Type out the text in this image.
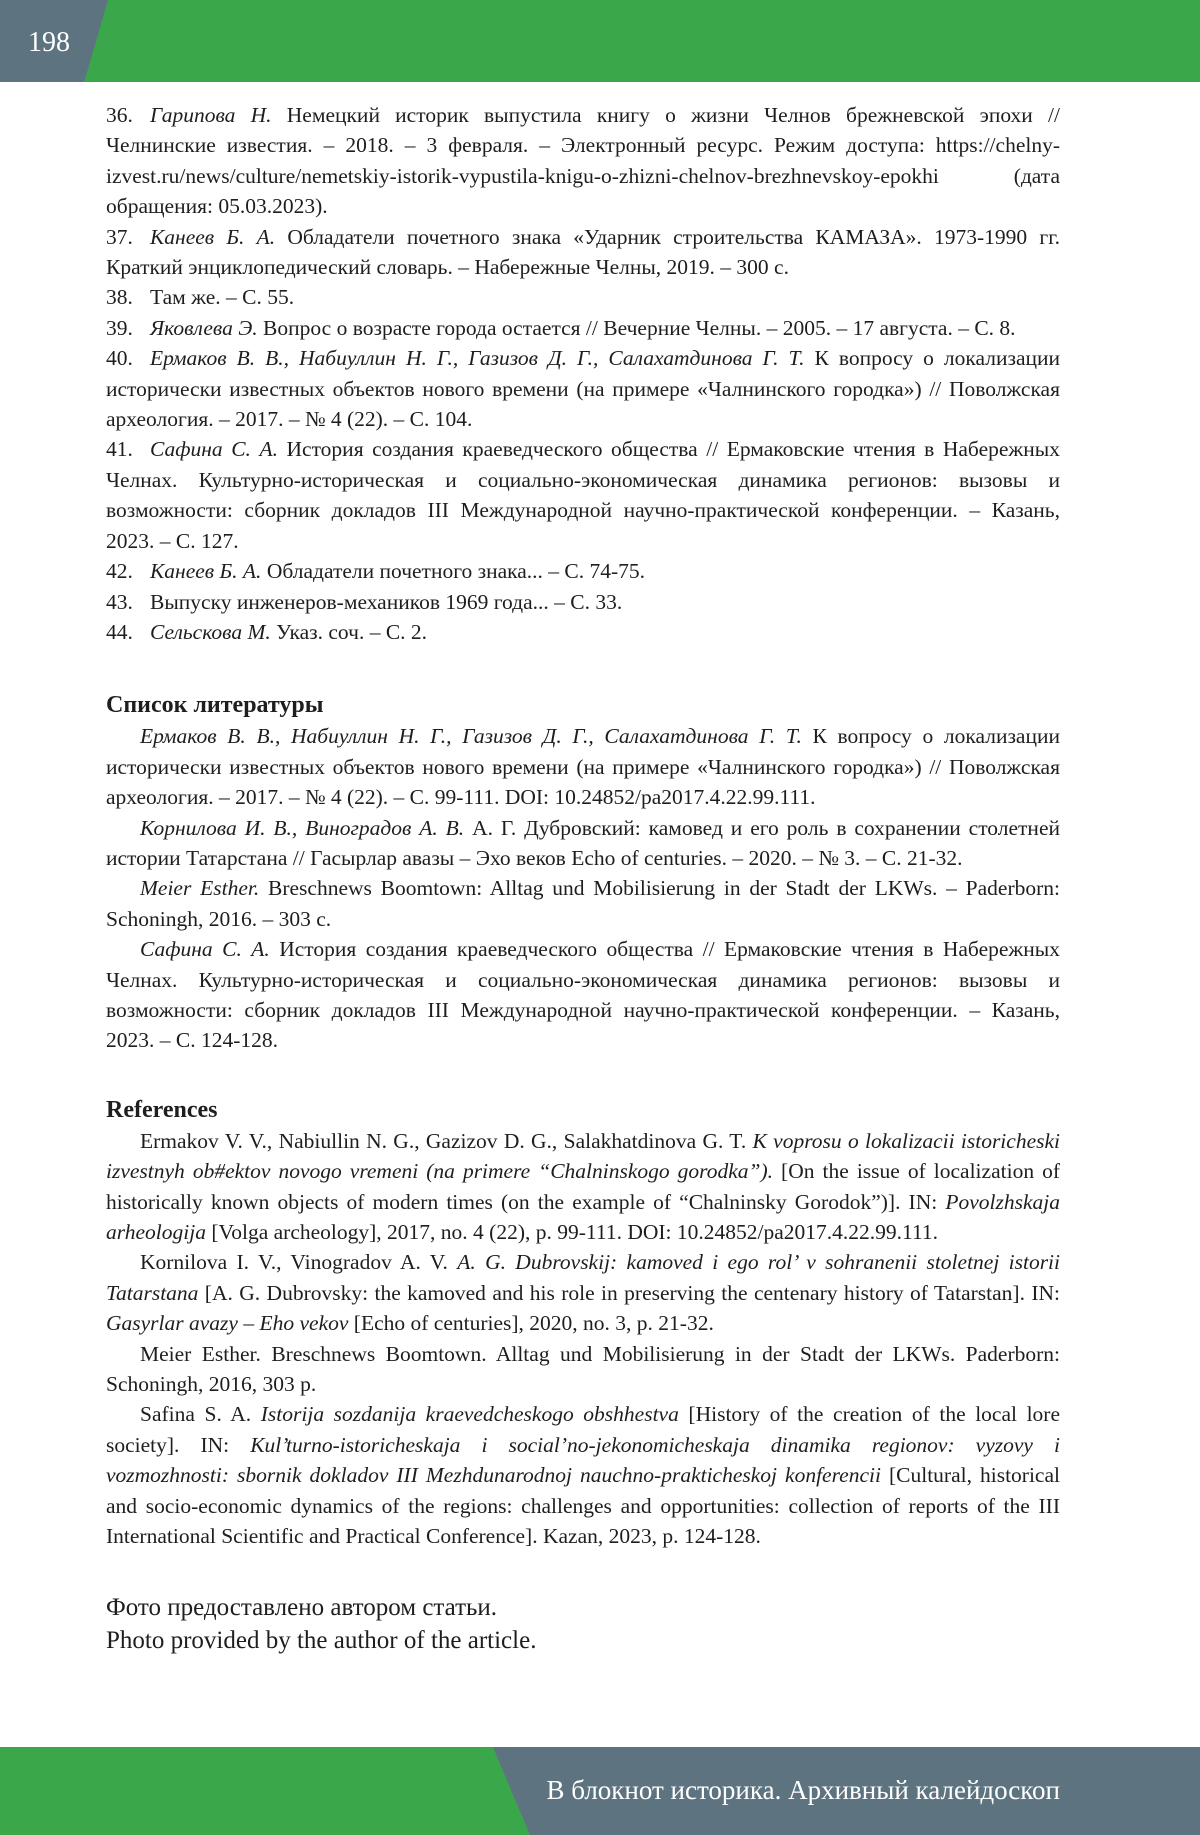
198

36. Гарипова Н. Немецкий историк выпустила книгу о жизни Челнов брежневской эпохи // Челнинские известия. – 2018. – 3 февраля. – Электронный ресурс. Режим доступа: https://chelny-izvest.ru/news/culture/nemetskiy-istorik-vypustila-knigu-o-zhizni-chelnov-brezhnevskoy-epokhi (дата обращения: 05.03.2023).

37. Канеев Б. А. Обладатели почетного знака «Ударник строительства КАМАЗА». 1973-1990 гг. Краткий энциклопедический словарь. – Набережные Челны, 2019. – 300 с.

38. Там же. – С. 55.

39. Яковлева Э. Вопрос о возрасте города остается // Вечерние Челны. – 2005. – 17 августа. – С. 8.

40. Ермаков В. В., Набиуллин Н. Г., Газизов Д. Г., Салахатдинова Г. Т. К вопросу о локализации исторически известных объектов нового времени (на примере «Чалнинского городка») // Поволжская археология. – 2017. – № 4 (22). – С. 104.

41. Сафина С. А. История создания краеведческого общества // Ермаковские чтения в Набережных Челнах. Культурно-историческая и социально-экономическая динамика регионов: вызовы и возможности: сборник докладов III Международной научно-практической конференции. – Казань, 2023. – С. 127.

42. Канеев Б. А. Обладатели почетного знака... – С. 74-75.

43. Выпуску инженеров-механиков 1969 года... – С. 33.

44. Сельскова М. Указ. соч. – С. 2.

Список литературы

Ермаков В. В., Набиуллин Н. Г., Газизов Д. Г., Салахатдинова Г. Т. К вопросу о локализации исторически известных объектов нового времени (на примере «Чалнинского городка») // Поволжская археология. – 2017. – № 4 (22). – С. 99-111. DOI: 10.24852/pa2017.4.22.99.111.

Корнилова И. В., Виноградов А. В. А. Г. Дубровский: камовед и его роль в сохранении столетней истории Татарстана // Гасырлар авазы – Эхо веков Echo of centuries. – 2020. – № 3. – С. 21-32.

Meier Esther. Breschnews Boomtown: Alltag und Mobilisierung in der Stadt der LKWs. – Paderborn: Schoningh, 2016. – 303 с.

Сафина С. А. История создания краеведческого общества // Ермаковские чтения в Набережных Челнах. Культурно-историческая и социально-экономическая динамика регионов: вызовы и возможности: сборник докладов III Международной научно-практической конференции. – Казань, 2023. – С. 124-128.

References

Ermakov V. V., Nabiullin N. G., Gazizov D. G., Salakhatdinova G. T. K voprosu o lokalizacii istoricheski izvestnyh ob#ektov novogo vremeni (na primere “Chalninskogo gorodka”). [On the issue of localization of historically known objects of modern times (on the example of “Chalninsky Gorodok”)]. IN: Povolzhskaja arheologija [Volga archeology], 2017, no. 4 (22), p. 99-111. DOI: 10.24852/pa2017.4.22.99.111.

Kornilova I. V., Vinogradov A. V. A. G. Dubrovskij: kamoved i ego rol’ v sohranenii stoletnej istorii Tatarstana [A. G. Dubrovsky: the kamoved and his role in preserving the centenary history of Tatarstan]. IN: Gasyrlar avazy – Eho vekov [Echo of centuries], 2020, no. 3, p. 21-32.

Meier Esther. Breschnews Boomtown. Alltag und Mobilisierung in der Stadt der LKWs. Paderborn: Schoningh, 2016, 303 p.

Safina S. A. Istorija sozdanija kraevedcheskogo obshhestva [History of the creation of the local lore society]. IN: Kul’turno-istoricheskaja i social’no-jekonomicheskaja dinamika regionov: vyzovy i vozmozhnosti: sbornik dokladov III Mezhdunarodnoj nauchno-prakticheskoj konferencii [Cultural, historical and socio-economic dynamics of the regions: challenges and opportunities: collection of reports of the III International Scientific and Practical Conference]. Kazan, 2023, p. 124-128.

Фото предоставлено автором статьи.

Photo provided by the author of the article.

В блокнот историка. Архивный калейдоскоп
